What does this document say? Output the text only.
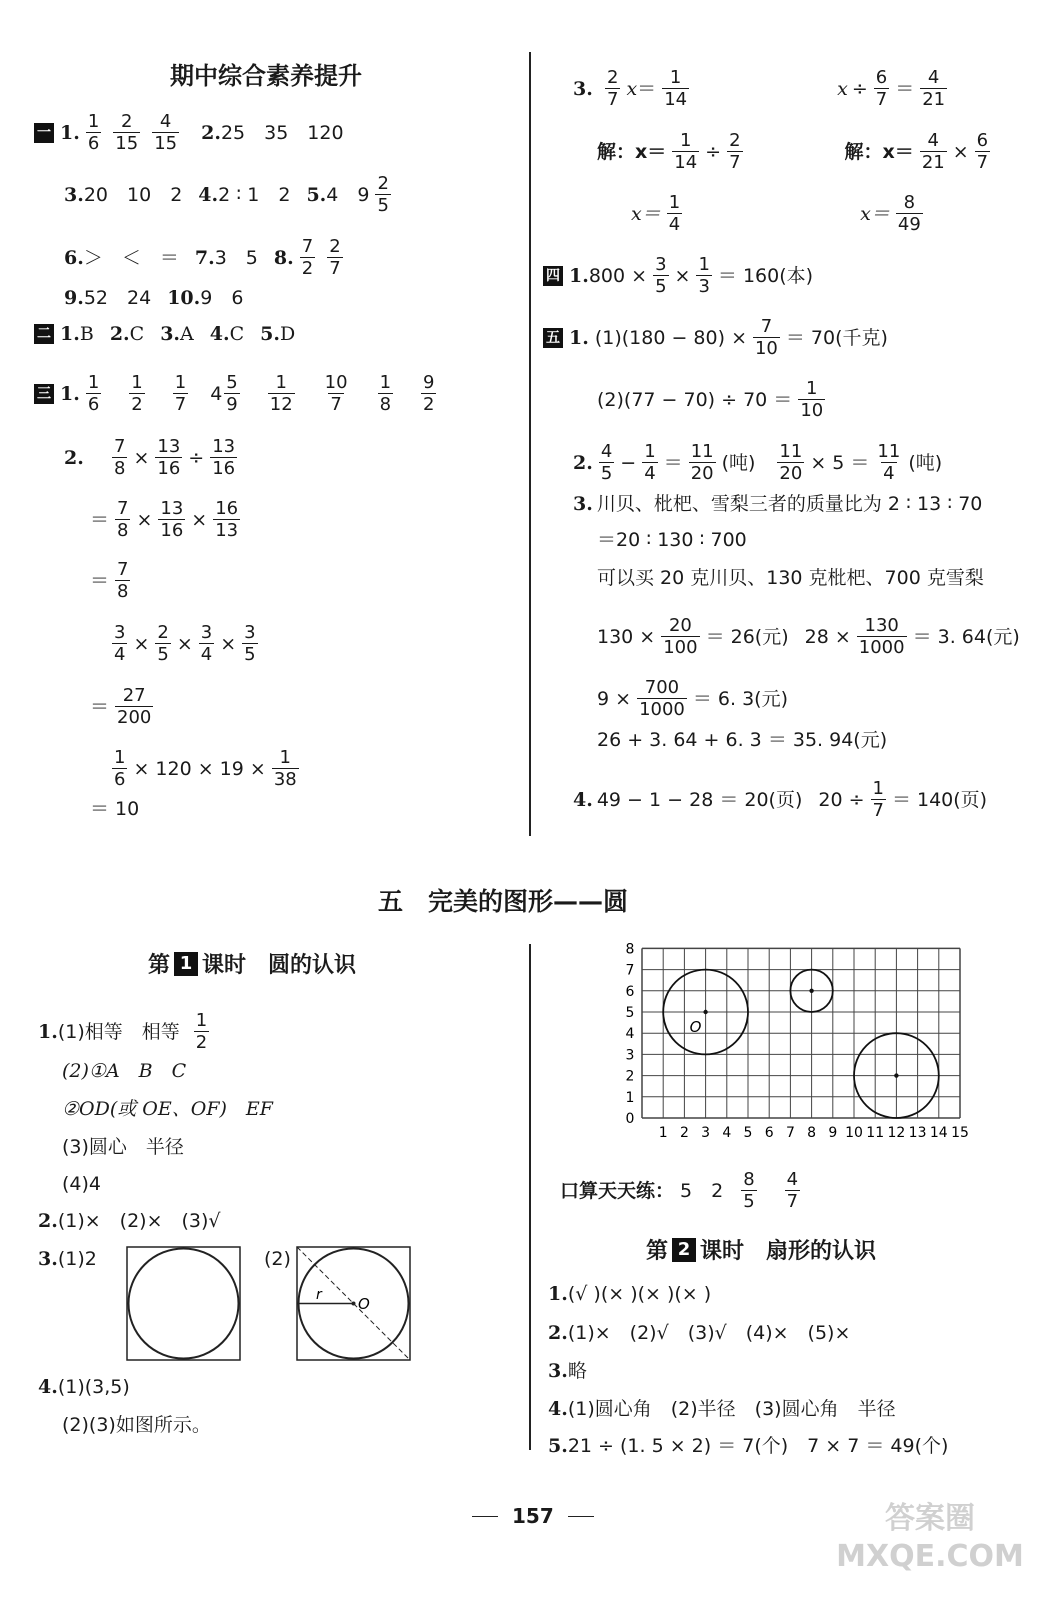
期中综合素养提升
一 1. 1
6
2
15
4
15 2. 25　35　120
3. 20　10　2 4. 2 ∶ 1　2 5. 4　9 2
5
6. ＞　＜　＝ 7. 3　5 8. 7
2
2
7
9. 52　24 10. 9　6
二 1. B 2. C 3. A 4. C 5. D
三 1. 1
6
1
2
1
7 4 5
9
1
12
10
7
1
8
9
2
2.	$\frac{7}{8} \times \frac{13}{16} \div \frac{13}{16}$
＝ $\frac{7}{8} \times \frac{13}{16} \times \frac{16}{13}$
＝ 7
8
$\frac{3}{4} \times \frac{2}{5} \times \frac{3}{4} \times \frac{3}{5}$
＝ 27
200
$\frac{1}{6} \times 120 \times 19 \times \frac{1}{38}$
＝ 10
3. 2
7 x ＝ 1
14	$x \div \frac{6}{7} = 4$
21
解：$x= \frac{1}{14} \div \frac{2}{7}$	解：$x= \frac{4}{21} \times \frac{6}{7}$
x＝ 1
4	x＝ 8
49
四 1. $800 \times \frac{3}{5} \times \frac{1}{3} = 160$(本)
五 1. $(1)(180 - 80) \times \frac{7}{10} = 70$(千克)
(2)(77 − 70) ÷ 70 ＝ 1
10
2. 4
$5 - \frac{1}{4} = 11$
20 (吨) $\frac{11}{20} \times 5 = 11$
4 (吨)
3. 川贝、枇杷、雪梨三者的质量比为 2 ∶ 13 ∶ 70
＝20 ∶ 130 ∶ 700
可以买 20 克川贝、130 克枇杷、700 克雪梨
$130 \times \frac{20}{100} = 26$(元) $28 \times \frac{130}{1000} = 3$. 64(元)
$9 \times \frac{700}{1000} = 6$. 3(元)
26 + 3. 64 + 6. 3 ＝ 35. 94(元)
4. 49 − 1 − 28 ＝ 20(页) $20 \div \frac{1}{7} = 140$(页)
五　完美的图形——圆
第 1 课时　圆的认识
1. (1)相等　相等 1
2
(2)①A　B　C
②OD(或 OE、OF)　EF
(3)圆心　半径
(4)4
2. (1)×　(2)×　(3)√
3. (1)2	(2)
r O
4. (1)(3,5)
(2)(3)如图所示。
8
7
6
5
4
3
2
1
0
1 2 3 4 5 6 7 8 9 10 11 12 13 14 15
O
口算天天练： 5　2 8
5
4
7
第 2 课时　扇形的认识
1. (√ )(× )(× )(× )
2. (1)×　(2)√　(3)√　(4)×　(5)×
3. 略
4. (1)圆心角　(2)半径　(3)圆心角　半径
5. 21 ÷ (1. 5 × 2) ＝ 7(个)　7 × 7 ＝ 49(个)
157	答案圈 MXQE.COM
